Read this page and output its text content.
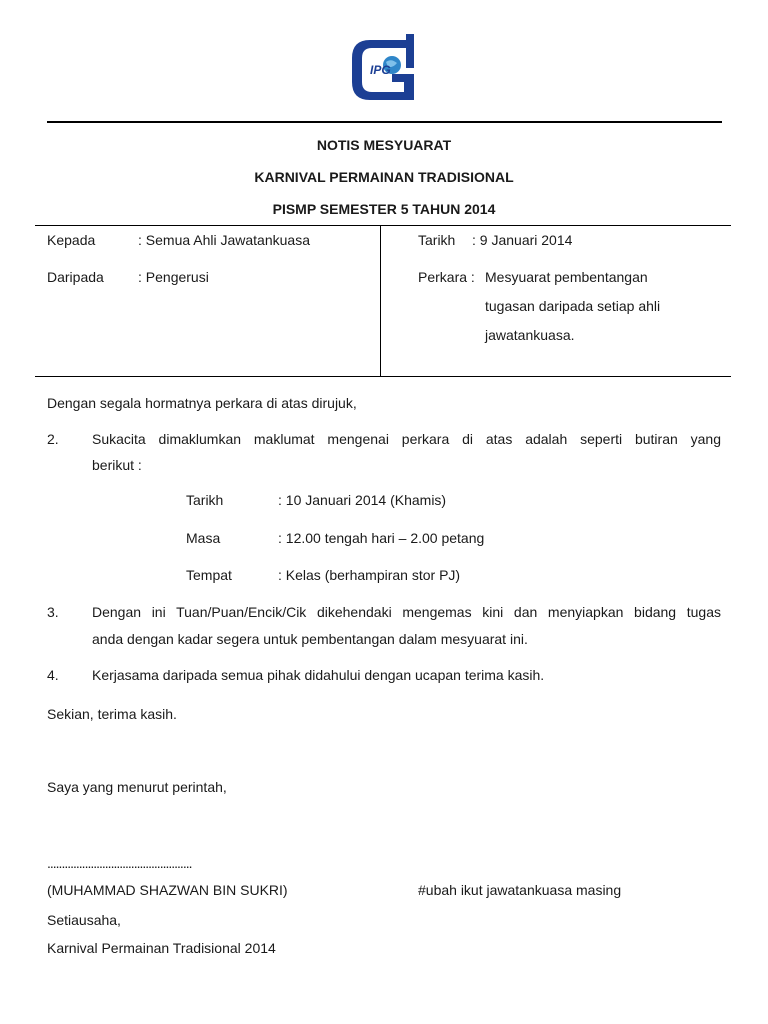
IPG
NOTIS MESYUARAT
KARNIVAL PERMAINAN TRADISIONAL
PISMP SEMESTER 5 TAHUN 2014
Kepada	: Semua Ahli Jawatankuasa
Daripada : Pengerusi
Tarikh : 9 Januari 2014
Perkara : Mesyuarat pembentangan
tugasan daripada setiap ahli
jawatankuasa.
Dengan segala hormatnya perkara di atas dirujuk,
2. Sukacita dimaklumkan maklumat mengenai perkara di atas adalah seperti butiran yang
berikut :
Tarikh	: 10 Januari 2014 (Khamis)
Masa	: 12.00 tengah hari – 2.00 petang
Tempat	: Kelas (berhampiran stor PJ)
3. Dengan ini Tuan/Puan/Encik/Cik dikehendaki mengemas kini dan menyiapkan bidang tugas
anda dengan kadar segera untuk pembentangan dalam mesyuarat ini.
4. Kerjasama daripada semua pihak didahului dengan ucapan terima kasih.
Sekian, terima kasih.
Saya yang menurut perintah,
..................................................
(MUHAMMAD SHAZWAN BIN SUKRI)	#ubah ikut jawatankuasa masing
Setiausaha,
Karnival Permainan Tradisional 2014
